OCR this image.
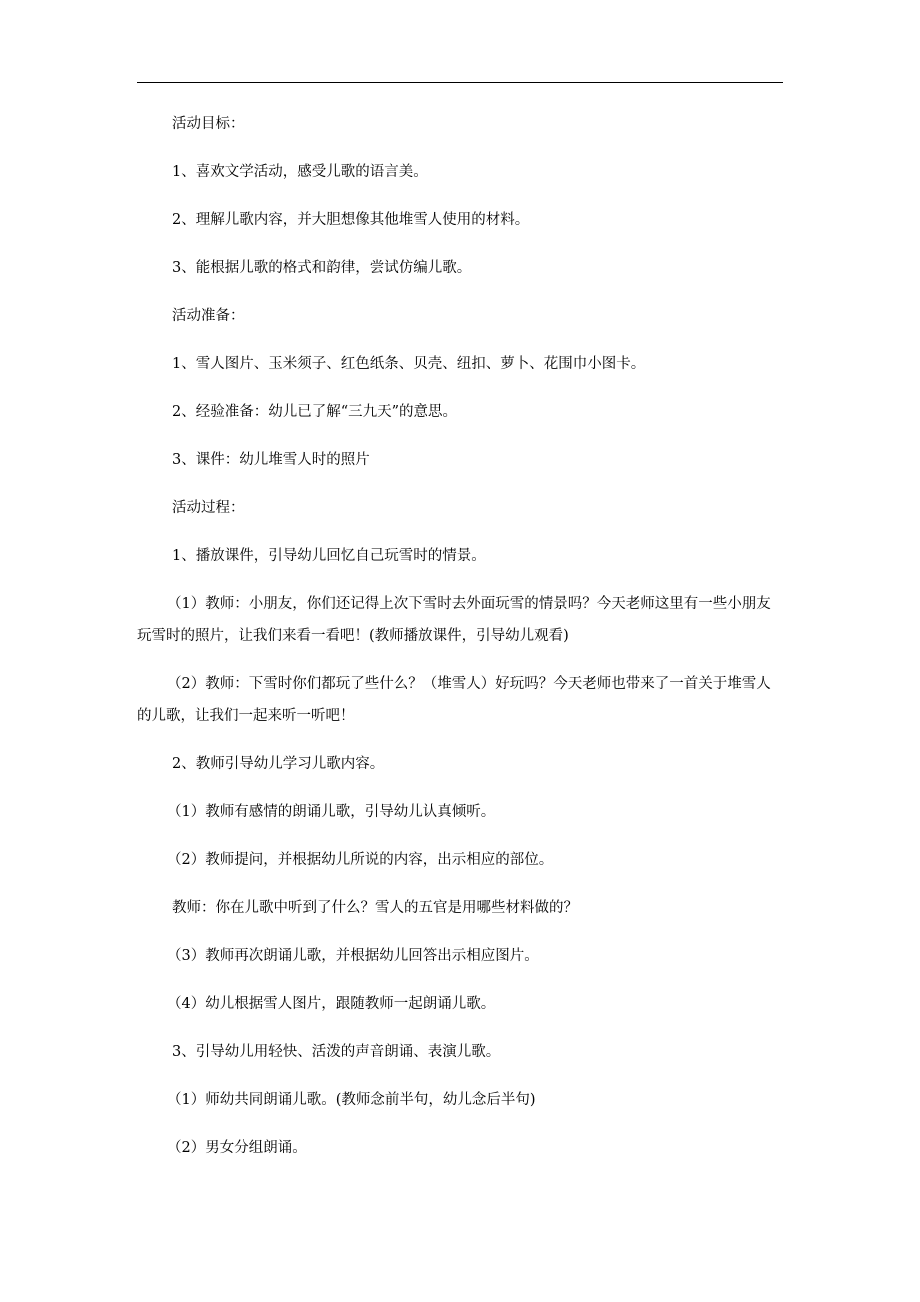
活动目标：

1、喜欢文学活动，感受儿歌的语言美。

2、理解儿歌内容，并大胆想像其他堆雪人使用的材料。

3、能根据儿歌的格式和韵律，尝试仿编儿歌。

活动准备：

1、雪人图片、玉米须子、红色纸条、贝壳、纽扣、萝卜、花围巾小图卡。

2、经验准备：幼儿已了解“三九天”的意思。

3、课件：幼儿堆雪人时的照片

活动过程：

1、播放课件，引导幼儿回忆自己玩雪时的情景。

（1）教师：小朋友，你们还记得上次下雪时去外面玩雪的情景吗？今天老师这里有一些小朋友玩雪时的照片，让我们来看一看吧！(教师播放课件，引导幼儿观看)

（2）教师：下雪时你们都玩了些什么？（堆雪人）好玩吗？今天老师也带来了一首关于堆雪人的儿歌，让我们一起来听一听吧！

2、教师引导幼儿学习儿歌内容。

（1）教师有感情的朗诵儿歌，引导幼儿认真倾听。

（2）教师提问，并根据幼儿所说的内容，出示相应的部位。

教师：你在儿歌中听到了什么？雪人的五官是用哪些材料做的？

（3）教师再次朗诵儿歌，并根据幼儿回答出示相应图片。

（4）幼儿根据雪人图片，跟随教师一起朗诵儿歌。

3、引导幼儿用轻快、活泼的声音朗诵、表演儿歌。

（1）师幼共同朗诵儿歌。(教师念前半句，幼儿念后半句)

（2）男女分组朗诵。
